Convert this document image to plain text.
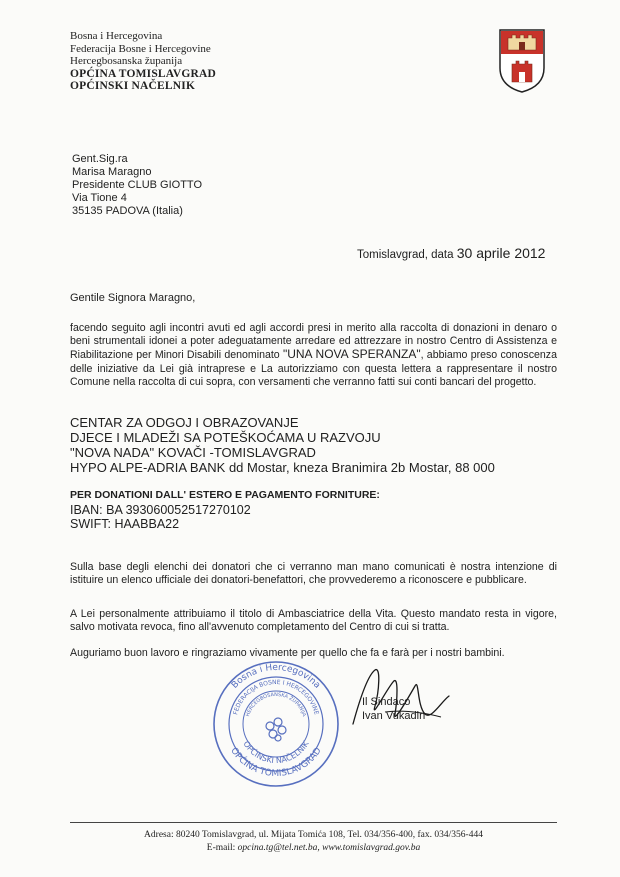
Bosna i Hercegovina
Federacija Bosne i Hercegovine
Hercegbosanska županija
OPĆINA TOMISLAVGRAD
OPĆINSKI NAČELNIK
Gent.Sig.ra
Marisa Maragno
Presidente CLUB GIOTTO
Via Tione 4
35135 PADOVA (Italia)
Tomislavgrad, data 30 aprile 2012
Gentile Signora Maragno,
facendo seguito agli incontri avuti ed agli accordi presi in merito alla raccolta di donazioni in denaro o beni strumentali idonei a poter adeguatamente arredare ed attrezzare in nostro Centro di Assistenza e Riabilitazione per Minori Disabili denominato "UNA NOVA SPERANZA", abbiamo preso conoscenza delle iniziative da Lei già intraprese e La autorizziamo con questa lettera a rappresentare il nostro Comune nella raccolta di cui sopra, con versamenti che verranno fatti sui conti bancari del progetto.
CENTAR ZA ODGOJ I OBRAZOVANJE
DJECE I MLADEŽI SA POTEŠKOĆAMA U RAZVOJU
"NOVA NADA" KOVAČI -TOMISLAVGRAD
HYPO ALPE-ADRIA BANK dd Mostar, kneza Branimira 2b Mostar, 88 000
PER DONATIONI DALL' ESTERO E PAGAMENTO FORNITURE:
IBAN: BA 393060052517270102
SWIFT: HAABBA22
Sulla base degli elenchi dei donatori che ci verranno man mano comunicati è nostra intenzione di istituire un elenco ufficiale dei donatori-benefattori, che provvederemo a riconoscere e pubblicare.
A Lei personalmente attribuiamo il titolo di Ambasciatrice della Vita. Questo mandato resta in vigore, salvo motivata revoca, fino all'avvenuto completamento del Centro di cui si tratta.
Auguriamo buon lavoro e ringraziamo vivamente per quello che fa e farà per i nostri bambini.
Bosna i Hercegovina
FEDERACIJA BOSNE I HERCEGOVINE
HERCEGBOSANSKA ŽUPANIJA
OPĆINSKI NAČELNIK
OPĆINA TOMISLAVGRAD
Il Sindaco
Ivan Vukadin
Adresa: 80240 Tomislavgrad, ul. Mijata Tomića 108, Tel. 034/356-400, fax. 034/356-444
E-mail: opcina.tg@tel.net.ba, www.tomislavgrad.gov.ba
